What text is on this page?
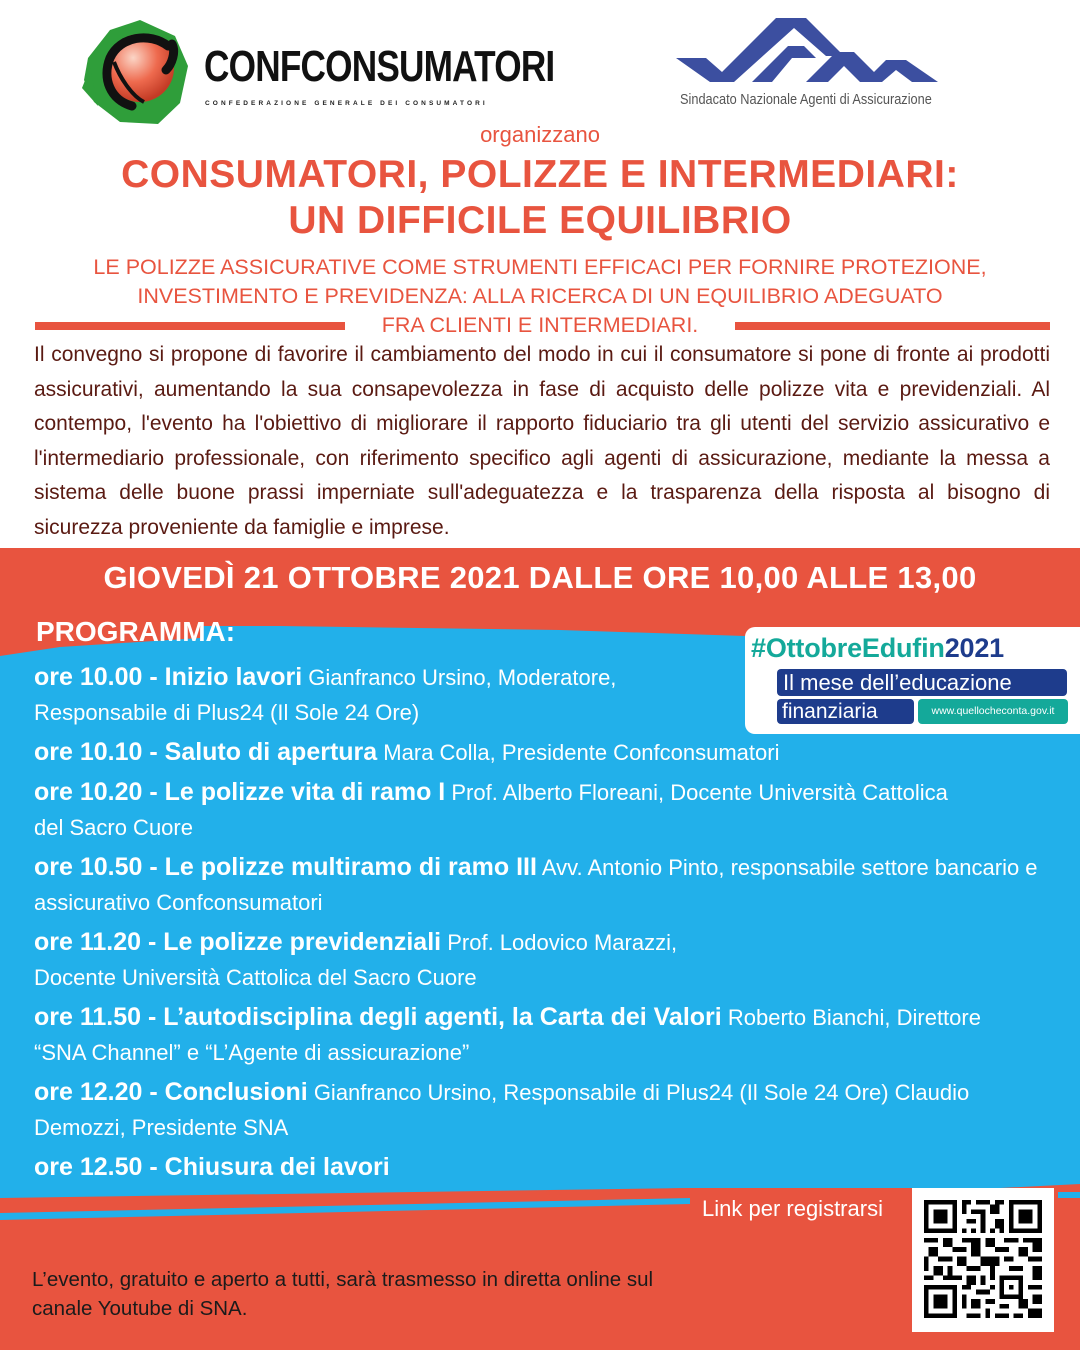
CONFCONSUMATORI
CONFEDERAZIONE GENERALE DEI CONSUMATORI	Sindacato Nazionale Agenti di Assicurazione
organizzano
CONSUMATORI, POLIZZE E INTERMEDIARI:
UN DIFFICILE EQUILIBRIO
LE POLIZZE ASSICURATIVE COME STRUMENTI EFFICACI PER FORNIRE PROTEZIONE,
INVESTIMENTO E PREVIDENZA: ALLA RICERCA DI UN EQUILIBRIO ADEGUATO
FRA CLIENTI E INTERMEDIARI.

Il convegno si propone di favorire il cambiamento del modo in cui il consumatore si pone di fronte ai prodotti assicurativi, aumentando la sua consapevolezza in fase di acquisto delle polizze vita e previdenziali. Al contempo, l'evento ha l'obiettivo di migliorare il rapporto fiduciario tra gli utenti del servizio assicurativo e l'intermediario professionale, con riferimento specifico agli agenti di assicurazione, mediante la messa a sistema delle buone prassi imperniate sull'adeguatezza e la trasparenza della risposta al bisogno di sicurezza proveniente da famiglie e imprese.

GIOVEDÌ 21 OTTOBRE 2021 DALLE ORE 10,00 ALLE 13,00
PROGRAMMA:
#OttobreEdufin2021
Il mese dell’educazione
finanziaria	www.quellocheconta.gov.it
ore 10.00 - Inizio lavori Gianfranco Ursino, Moderatore, Responsabile di Plus24 (Il Sole 24 Ore)
ore 10.10 - Saluto di apertura Mara Colla, Presidente Confconsumatori
ore 10.20 - Le polizze vita di ramo I Prof. Alberto Floreani, Docente Università Cattolica del Sacro Cuore
ore 10.50 - Le polizze multiramo di ramo III Avv. Antonio Pinto, responsabile settore bancario e assicurativo Confconsumatori
ore 11.20 - Le polizze previdenziali Prof. Lodovico Marazzi, Docente Università Cattolica del Sacro Cuore
ore 11.50 - L’autodisciplina degli agenti, la Carta dei Valori Roberto Bianchi, Direttore “SNA Channel” e “L’Agente di assicurazione”
ore 12.20 - Conclusioni Gianfranco Ursino, Responsabile di Plus24 (Il Sole 24 Ore) Claudio Demozzi, Presidente SNA
ore 12.50 - Chiusura dei lavori
Link per registrarsi

L’evento, gratuito e aperto a tutti, sarà trasmesso in diretta online sul canale Youtube di SNA.
